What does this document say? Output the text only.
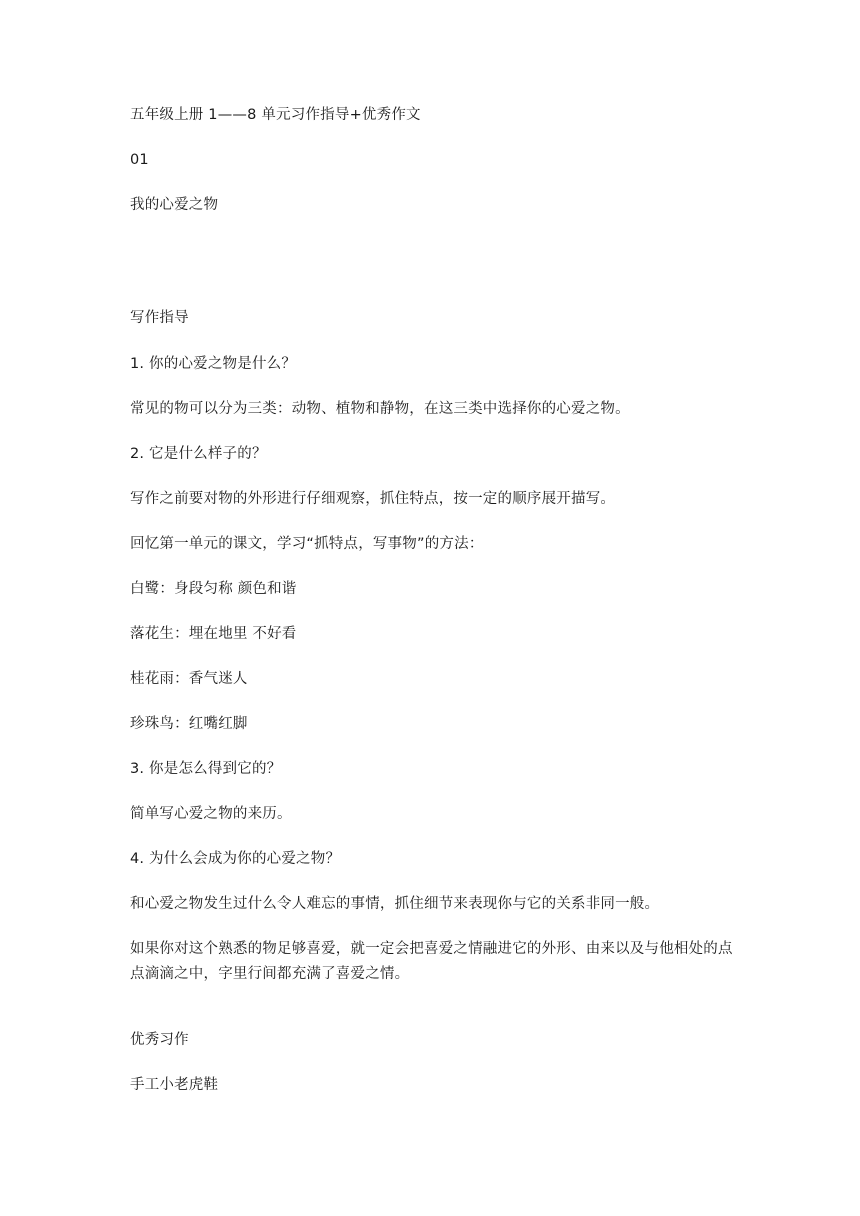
五年级上册 1——8 单元习作指导+优秀作文
01
我的心爱之物
写作指导
1. 你的心爱之物是什么？
常见的物可以分为三类：动物、植物和静物，在这三类中选择你的心爱之物。
2. 它是什么样子的？
写作之前要对物的外形进行仔细观察，抓住特点，按一定的顺序展开描写。
回忆第一单元的课文，学习“抓特点，写事物”的方法：
白鹭：身段匀称 颜色和谐
落花生：埋在地里 不好看
桂花雨：香气迷人
珍珠鸟：红嘴红脚
3. 你是怎么得到它的？
简单写心爱之物的来历。
4. 为什么会成为你的心爱之物？
和心爱之物发生过什么令人难忘的事情，抓住细节来表现你与它的关系非同一般。
如果你对这个熟悉的物足够喜爱，就一定会把喜爱之情融进它的外形、由来以及与他相处的点点滴滴之中，字里行间都充满了喜爱之情。
优秀习作
手工小老虎鞋
